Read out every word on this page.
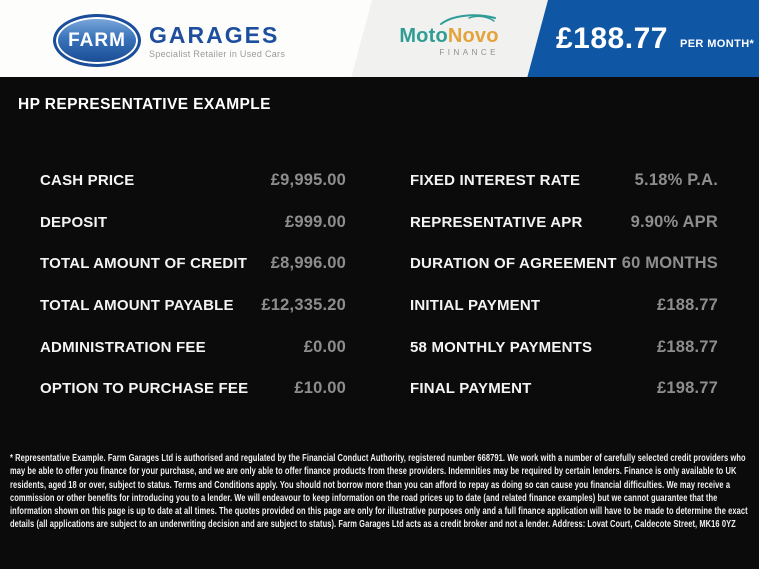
FARM GARAGES
Specialist Retailer in Used Cars
MotoNovo
FINANCE £188.77 PER MONTH*
HP REPRESENTATIVE EXAMPLE
CASH PRICE	£9,995.00
DEPOSIT	£999.00
TOTAL AMOUNT OF CREDIT £8,996.00
TOTAL AMOUNT PAYABLE £12,335.20
ADMINISTRATION FEE	£0.00
OPTION TO PURCHASE FEE	£10.00
FIXED INTEREST RATE	5.18% P.A.
REPRESENTATIVE APR	9.90% APR
DURATION OF AGREEMENT 60 MONTHS
INITIAL PAYMENT	£188.77
58 MONTHLY PAYMENTS	£188.77
FINAL PAYMENT	£198.77
* Representative Example. Farm Garages Ltd is authorised and regulated by the Financial Conduct Authority, registered number 668791. We work with a number of carefully selected credit providers who may be able to offer you finance for your purchase, and we are only able to offer finance products from these providers. Indemnities may be required by certain lenders. Finance is only available to UK residents, aged 18 or over, subject to status. Terms and Conditions apply. You should not borrow more than you can afford to repay as doing so can cause you financial difficulties. We may receive a commission or other benefits for introducing you to a lender. We will endeavour to keep information on the road prices up to date (and related finance examples) but we cannot guarantee that the information shown on this page is up to date at all times. The quotes provided on this page are only for illustrative purposes only and a full finance application will have to be made to determine the exact details (all applications are subject to an underwriting decision and are subject to status). Farm Garages Ltd acts as a credit broker and not a lender. Address: Lovat Court, Caldecote Street, MK16 0YZ
